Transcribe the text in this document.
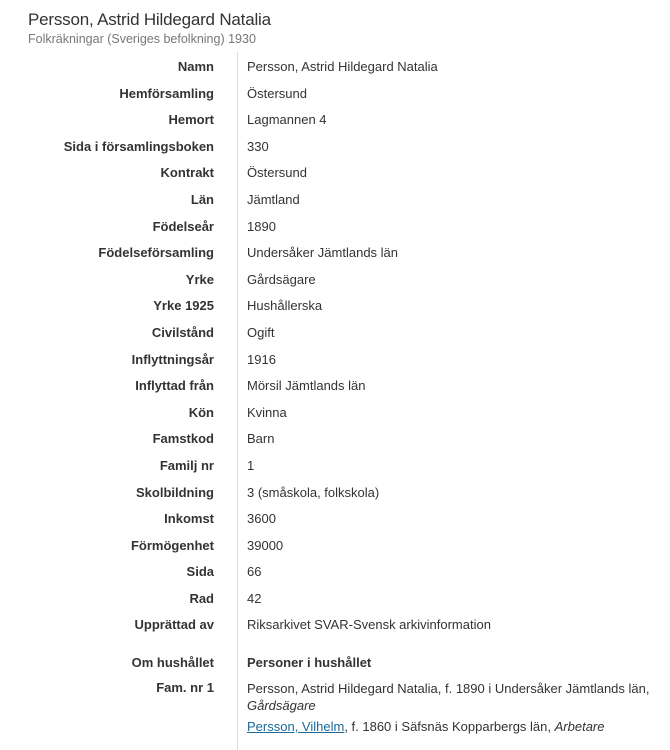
Persson, Astrid Hildegard Natalia
Folkräkningar (Sveriges befolkning) 1930
Namn	Persson, Astrid Hildegard Natalia
Hemförsamling	Östersund
Hemort	Lagmannen 4
Sida i församlingsboken	330
Kontrakt	Östersund
Län	Jämtland
Födelseår	1890
Födelseförsamling	Undersåker Jämtlands län
Yrke	Gårdsägare
Yrke 1925	Hushållerska
Civilstånd	Ogift
Inflyttningsår	1916
Inflyttad från	Mörsil Jämtlands län
Kön	Kvinna
Famstkod	Barn
Familj nr	1
Skolbildning	3 (småskola, folkskola)
Inkomst	3600
Förmögenhet	39000
Sida	66
Rad	42
Upprättad av	Riksarkivet SVAR-Svensk arkivinformation
Om hushållet	Personer i hushållet
Fam. nr 1	Persson, Astrid Hildegard Natalia, f. 1890 i Undersåker Jämtlands län,
Gårdsägare
Persson, Vilhelm, f. 1860 i Säfsnäs Kopparbergs län, Arbetare
